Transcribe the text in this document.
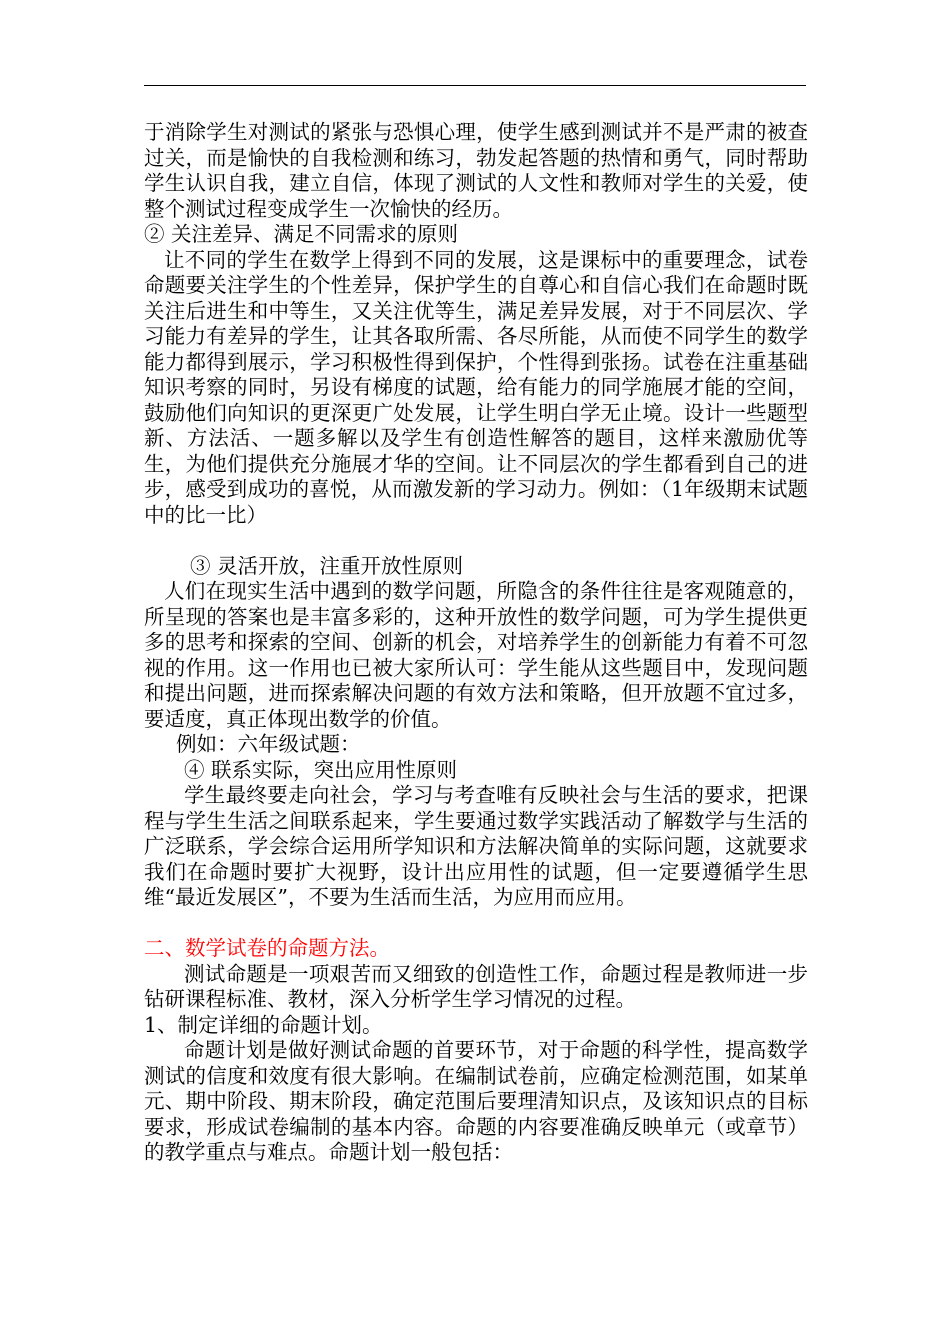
于消除学生对测试的紧张与恐惧心理，使学生感到测试并不是严肃的被查过关，而是愉快的自我检测和练习，勃发起答题的热情和勇气，同时帮助学生认识自我，建立自信，体现了测试的人文性和教师对学生的关爱，使整个测试过程变成学生一次愉快的经历。

② 关注差异、满足不同需求的原则

让不同的学生在数学上得到不同的发展，这是课标中的重要理念，试卷命题要关注学生的个性差异，保护学生的自尊心和自信心我们在命题时既关注后进生和中等生，又关注优等生，满足差异发展，对于不同层次、学习能力有差异的学生，让其各取所需、各尽所能，从而使不同学生的数学能力都得到展示，学习积极性得到保护，个性得到张扬。试卷在注重基础知识考察的同时，另设有梯度的试题，给有能力的同学施展才能的空间，鼓励他们向知识的更深更广处发展，让学生明白学无止境。设计一些题型新、方法活、一题多解以及学生有创造性解答的题目，这样来激励优等生，为他们提供充分施展才华的空间。让不同层次的学生都看到自己的进步，感受到成功的喜悦，从而激发新的学习动力。例如：（1年级期末试题中的比一比）

③ 灵活开放，注重开放性原则

人们在现实生活中遇到的数学问题，所隐含的条件往往是客观随意的，所呈现的答案也是丰富多彩的，这种开放性的数学问题，可为学生提供更多的思考和探索的空间、创新的机会，对培养学生的创新能力有着不可忽视的作用。这一作用也已被大家所认可：学生能从这些题目中，发现问题和提出问题，进而探索解决问题的有效方法和策略，但开放题不宜过多，要适度，真正体现出数学的价值。

例如：六年级试题：

④ 联系实际，突出应用性原则

学生最终要走向社会，学习与考查唯有反映社会与生活的要求，把课程与学生生活之间联系起来，学生要通过数学实践活动了解数学与生活的广泛联系，学会综合运用所学知识和方法解决简单的实际问题，这就要求我们在命题时要扩大视野，设计出应用性的试题，但一定要遵循学生思维“最近发展区”，不要为生活而生活，为应用而应用。

二、数学试卷的命题方法。

测试命题是一项艰苦而又细致的创造性工作，命题过程是教师进一步钻研课程标准、教材，深入分析学生学习情况的过程。

1、制定详细的命题计划。

命题计划是做好测试命题的首要环节，对于命题的科学性，提高数学测试的信度和效度有很大影响。在编制试卷前，应确定检测范围，如某单元、期中阶段、期末阶段，确定范围后要理清知识点，及该知识点的目标要求，形成试卷编制的基本内容。命题的内容要准确反映单元（或章节）的教学重点与难点。命题计划一般包括：
